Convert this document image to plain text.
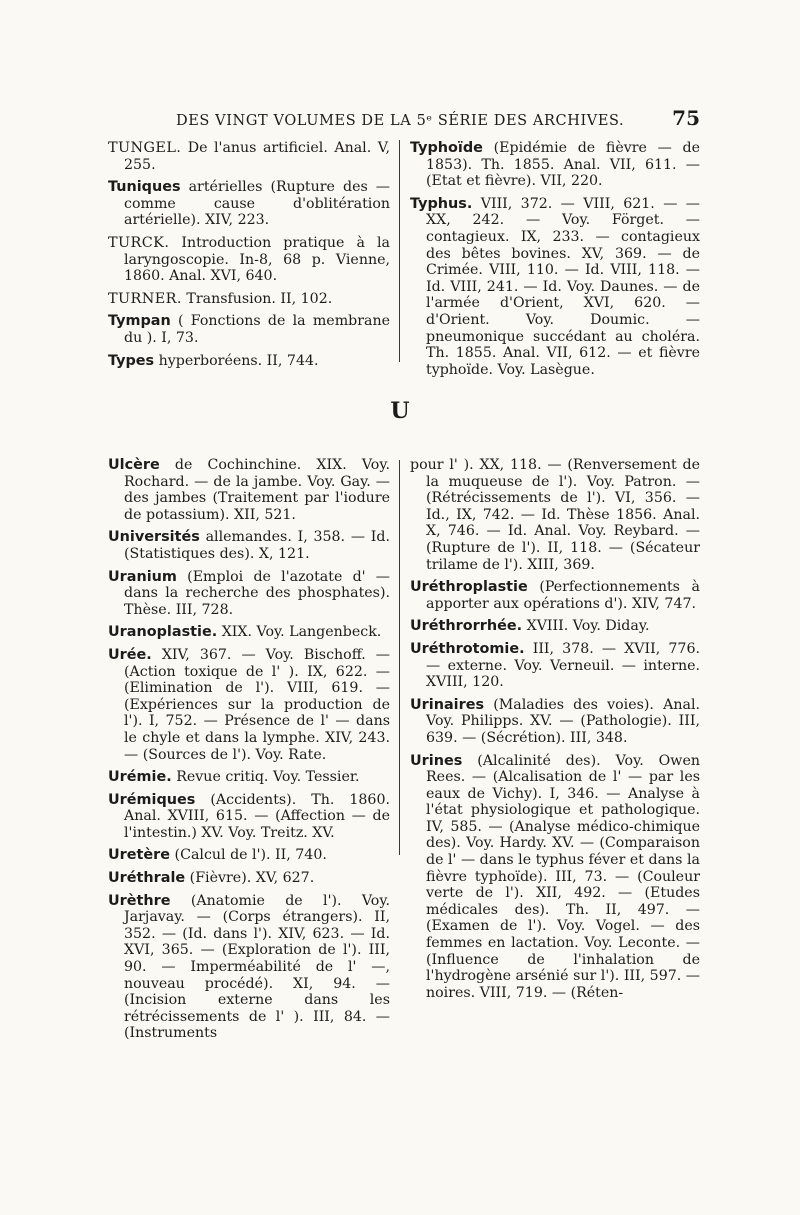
DES VINGT VOLUMES DE LA 5ᵉ SÉRIE DES ARCHIVES. 75

TUNGEL. De l'anus artificiel. Anal. V, 255.

Tuniques artérielles (Rupture des — comme cause d'oblitération artérielle). XIV, 223.

TURCK. Introduction pratique à la laryngoscopie. In-8, 68 p. Vienne, 1860. Anal. XVI, 640.

TURNER. Transfusion. II, 102.

Tympan ( Fonctions de la membrane du ). I, 73.

Types hyperboréens. II, 744.

Typhoïde (Epidémie de fièvre — de 1853). Th. 1855. Anal. VII, 611. — (Etat et fièvre). VII, 220.

Typhus. VIII, 372. — VIII, 621. — — XX, 242. — Voy. Förget. — contagieux. IX, 233. — contagieux des bêtes bovines. XV, 369. — de Crimée. VIII, 110. — Id. VIII, 118. — Id. VIII, 241. — Id. Voy. Daunes. — de l'armée d'Orient, XVI, 620. — d'Orient. Voy. Doumic. — pneumonique succédant au choléra. Th. 1855. Anal. VII, 612. — et fièvre typhoïde. Voy. Lasègue.

U

Ulcère de Cochinchine. XIX. Voy. Rochard. — de la jambe. Voy. Gay. — des jambes (Traitement par l'iodure de potassium). XII, 521.

Universités allemandes. I, 358. — Id. (Statistiques des). X, 121.

Uranium (Emploi de l'azotate d' — dans la recherche des phosphates). Thèse. III, 728.

Uranoplastie. XIX. Voy. Langenbeck.

Urée. XIV, 367. — Voy. Bischoff. — (Action toxique de l' ). IX, 622. — (Elimination de l'). VIII, 619. — (Expériences sur la production de l'). I, 752. — Présence de l' — dans le chyle et dans la lymphe. XIV, 243. — (Sources de l'). Voy. Rate.

Urémie. Revue critiq. Voy. Tessier.

Urémiques (Accidents). Th. 1860. Anal. XVIII, 615. — (Affection — de l'intestin.) XV. Voy. Treitz. XV.

Uretère (Calcul de l'). II, 740.

Uréthrale (Fièvre). XV, 627.

Urèthre (Anatomie de l'). Voy. Jarjavay. — (Corps étrangers). II, 352. — (Id. dans l'). XIV, 623. — Id. XVI, 365. — (Exploration de l'). III, 90. — Imperméabilité de l' —, nouveau procédé). XI, 94. — (Incision externe dans les rétrécissements de l' ). III, 84. — (Instruments

pour l' ). XX, 118. — (Renversement de la muqueuse de l'). Voy. Patron. — (Rétrécissements de l'). VI, 356. — Id., IX, 742. — Id. Thèse 1856. Anal. X, 746. — Id. Anal. Voy. Reybard. — (Rupture de l'). II, 118. — (Sécateur trilame de l'). XIII, 369.

Uréthroplastie (Perfectionnements à apporter aux opérations d'). XIV, 747.

Uréthrorrhée. XVIII. Voy. Diday.

Uréthrotomie. III, 378. — XVII, 776. — externe. Voy. Verneuil. — interne. XVIII, 120.

Urinaires (Maladies des voies). Anal. Voy. Philipps. XV. — (Pathologie). III, 639. — (Sécrétion). III, 348.

Urines (Alcalinité des). Voy. Owen Rees. — (Alcalisation de l' — par les eaux de Vichy). I, 346. — Analyse à l'état physiologique et pathologique. IV, 585. — (Analyse médico-chimique des). Voy. Hardy. XV. — (Comparaison de l' — dans le typhus féver et dans la fièvre typhoïde). III, 73. — (Couleur verte de l'). XII, 492. — (Etudes médicales des). Th. II, 497. — (Examen de l'). Voy. Vogel. — des femmes en lactation. Voy. Leconte. — (Influence de l'inhalation de l'hydrogène arsénié sur l'). III, 597. — noires. VIII, 719. — (Réten-
